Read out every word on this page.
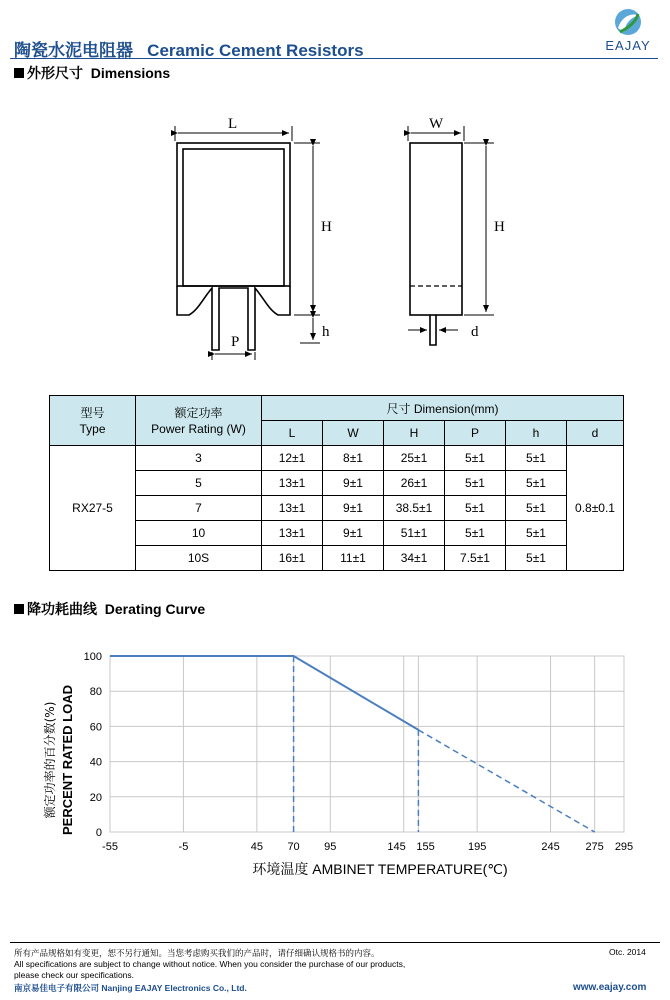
陶瓷水泥电阻器 Ceramic Cement Resistors	EAJAY
外形尺寸 Dimensions
L
H
h
P
W
H
d
型号
Type	额定功率
Power Rating (W)	尺寸 Dimension(mm)					
		L	W	H	P	h	d
RX27-5	3	12±1	8±1	25±1	5±1	5±1	0.8±0.1
	5	13±1	9±1	26±1	5±1	5±1	
	7	13±1	9±1	38.5±1	5±1	5±1	
	10	13±1	9±1	51±1	5±1	5±1	
	10S	16±1	11±1	34±1	7.5±1	5±1	
降功耗曲线 Derating Curve
额定功率的百分数(%) PERCENT RATED LOAD
环境温度 AMBINET TEMPERATURE(℃)
0
20
40
60
80
100
-55	-5	45 70 95	145 155	195	245 275 295
所有产品规格如有变更，恕不另行通知。当您考虑购买我们的产品时，请仔细确认规格书的内容。	Otc. 2014
All specifications are subject to change without notice. When you consider the purchase of our products,
please check our specifications.
南京易佳电子有限公司 Nanjing EAJAY Electronics Co., Ltd.	www.eajay.com
